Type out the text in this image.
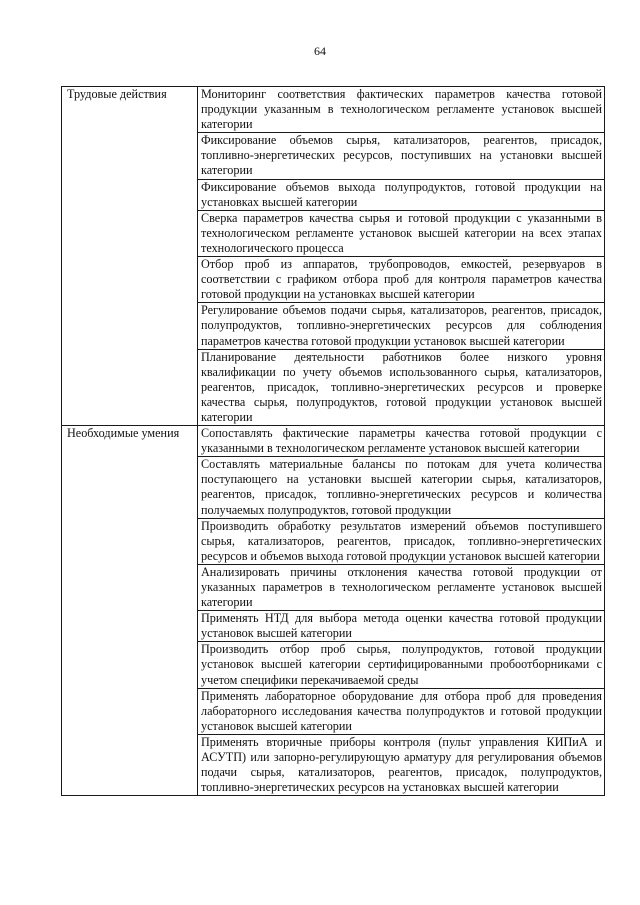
64
Трудовые действия	Мониторинг соответствия фактических параметров качества готовой продукции указанным в технологическом регламенте установок высшей категории
	Фиксирование объемов сырья, катализаторов, реагентов, присадок, топливно-энергетических ресурсов, поступивших на установки высшей категории
	Фиксирование объемов выхода полупродуктов, готовой продукции на установках высшей категории
	Сверка параметров качества сырья и готовой продукции с указанными в технологическом регламенте установок высшей категории на всех этапах технологического процесса
	Отбор проб из аппаратов, трубопроводов, емкостей, резервуаров в соответствии с графиком отбора проб для контроля параметров качества готовой продукции на установках высшей категории
	Регулирование объемов подачи сырья, катализаторов, реагентов, присадок, полупродуктов, топливно-энергетических ресурсов для соблюдения параметров качества готовой продукции установок высшей категории
	Планирование деятельности работников более низкого уровня квалификации по учету объемов использованного сырья, катализаторов, реагентов, присадок, топливно-энергетических ресурсов и проверке качества сырья, полупродуктов, готовой продукции установок высшей категории
Необходимые умения	Сопоставлять фактические параметры качества готовой продукции с указанными в технологическом регламенте установок высшей категории
	Составлять материальные балансы по потокам для учета количества поступающего на установки высшей категории сырья, катализаторов, реагентов, присадок, топливно-энергетических ресурсов и количества получаемых полупродуктов, готовой продукции
	Производить обработку результатов измерений объемов поступившего сырья, катализаторов, реагентов, присадок, топливно-энергетических ресурсов и объемов выхода готовой продукции установок высшей категории
	Анализировать причины отклонения качества готовой продукции от указанных параметров в технологическом регламенте установок высшей категории
	Применять НТД для выбора метода оценки качества готовой продукции установок высшей категории
	Производить отбор проб сырья, полупродуктов, готовой продукции установок высшей категории сертифицированными пробоотборниками с учетом специфики перекачиваемой среды
	Применять лабораторное оборудование для отбора проб для проведения лабораторного исследования качества полупродуктов и готовой продукции установок высшей категории
	Применять вторичные приборы контроля (пульт управления КИПиА и АСУТП) или запорно-регулирующую арматуру для регулирования объемов подачи сырья, катализаторов, реагентов, присадок, полупродуктов, топливно-энергетических ресурсов на установках высшей категории
